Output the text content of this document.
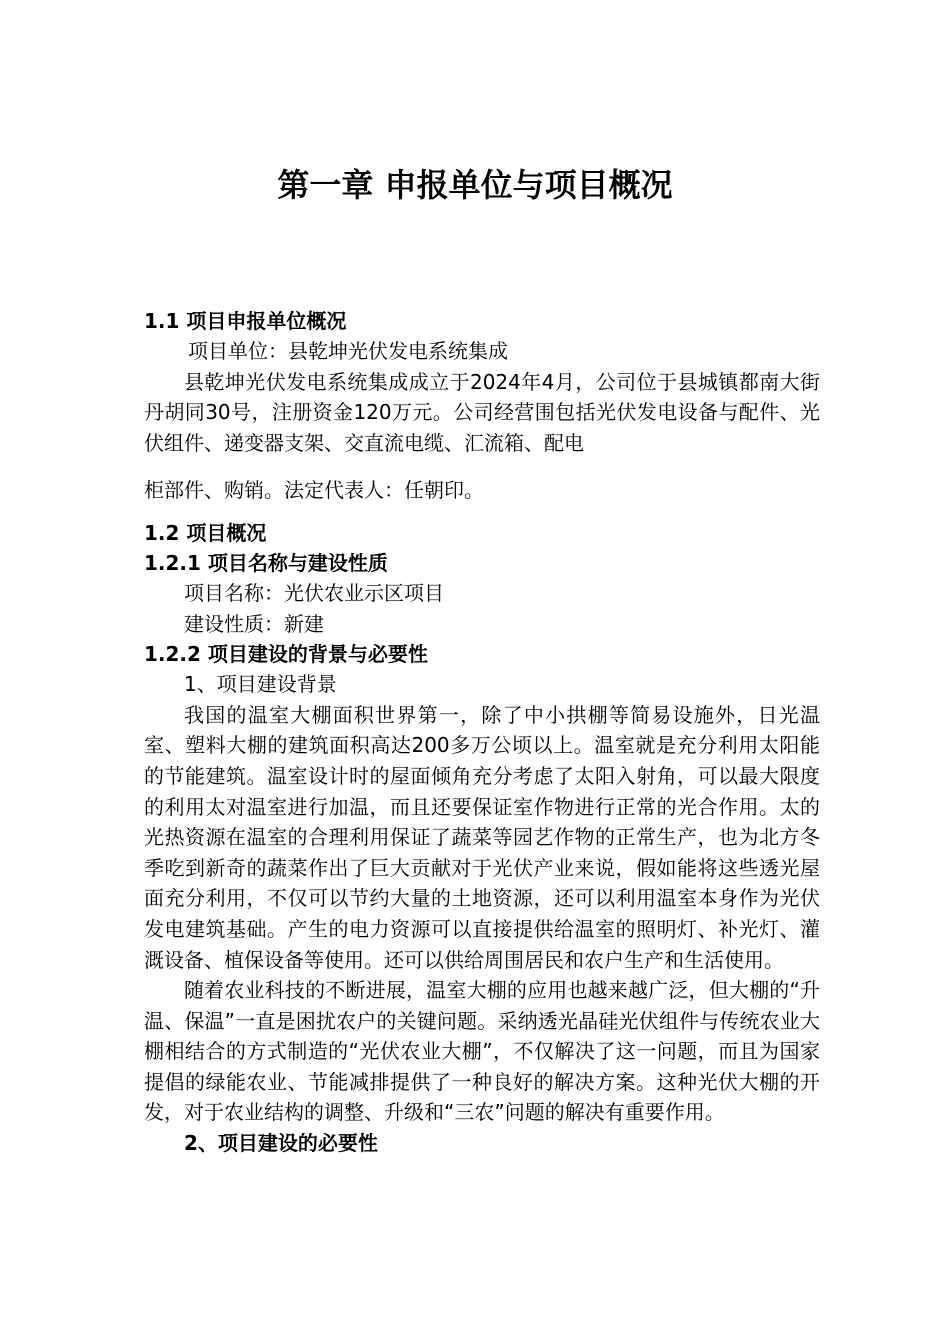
第一章 申报单位与项目概况
1.1 项目申报单位概况
项目单位：县乾坤光伏发电系统集成
县乾坤光伏发电系统集成成立于2024年4月，公司位于县城镇都南大街丹胡同30号，注册资金120万元。公司经营围包括光伏发电设备与配件、光伏组件、递变器支架、交直流电缆、汇流箱、配电
柜部件、购销。法定代表人：任朝印。
1.2 项目概况
1.2.1 项目名称与建设性质
项目名称：光伏农业示区项目
建设性质：新建
1.2.2 项目建设的背景与必要性
1、项目建设背景
我国的温室大棚面积世界第一，除了中小拱棚等简易设施外，日光温室、塑料大棚的建筑面积高达200多万公顷以上。温室就是充分利用太阳能的节能建筑。温室设计时的屋面倾角充分考虑了太阳入射角，可以最大限度的利用太对温室进行加温，而且还要保证室作物进行正常的光合作用。太的光热资源在温室的合理利用保证了蔬菜等园艺作物的正常生产，也为北方冬季吃到新奇的蔬菜作出了巨大贡献对于光伏产业来说，假如能将这些透光屋面充分利用，不仅可以节约大量的土地资源，还可以利用温室本身作为光伏发电建筑基础。产生的电力资源可以直接提供给温室的照明灯、补光灯、灌溉设备、植保设备等使用。还可以供给周围居民和农户生产和生活使用。
随着农业科技的不断进展，温室大棚的应用也越来越广泛，但大棚的“升温、保温”一直是困扰农户的关键问题。采纳透光晶硅光伏组件与传统农业大棚相结合的方式制造的“光伏农业大棚”，不仅解决了这一问题，而且为国家提倡的绿能农业、节能减排提供了一种良好的解决方案。这种光伏大棚的开发，对于农业结构的调整、升级和“三农”问题的解决有重要作用。
2、项目建设的必要性
